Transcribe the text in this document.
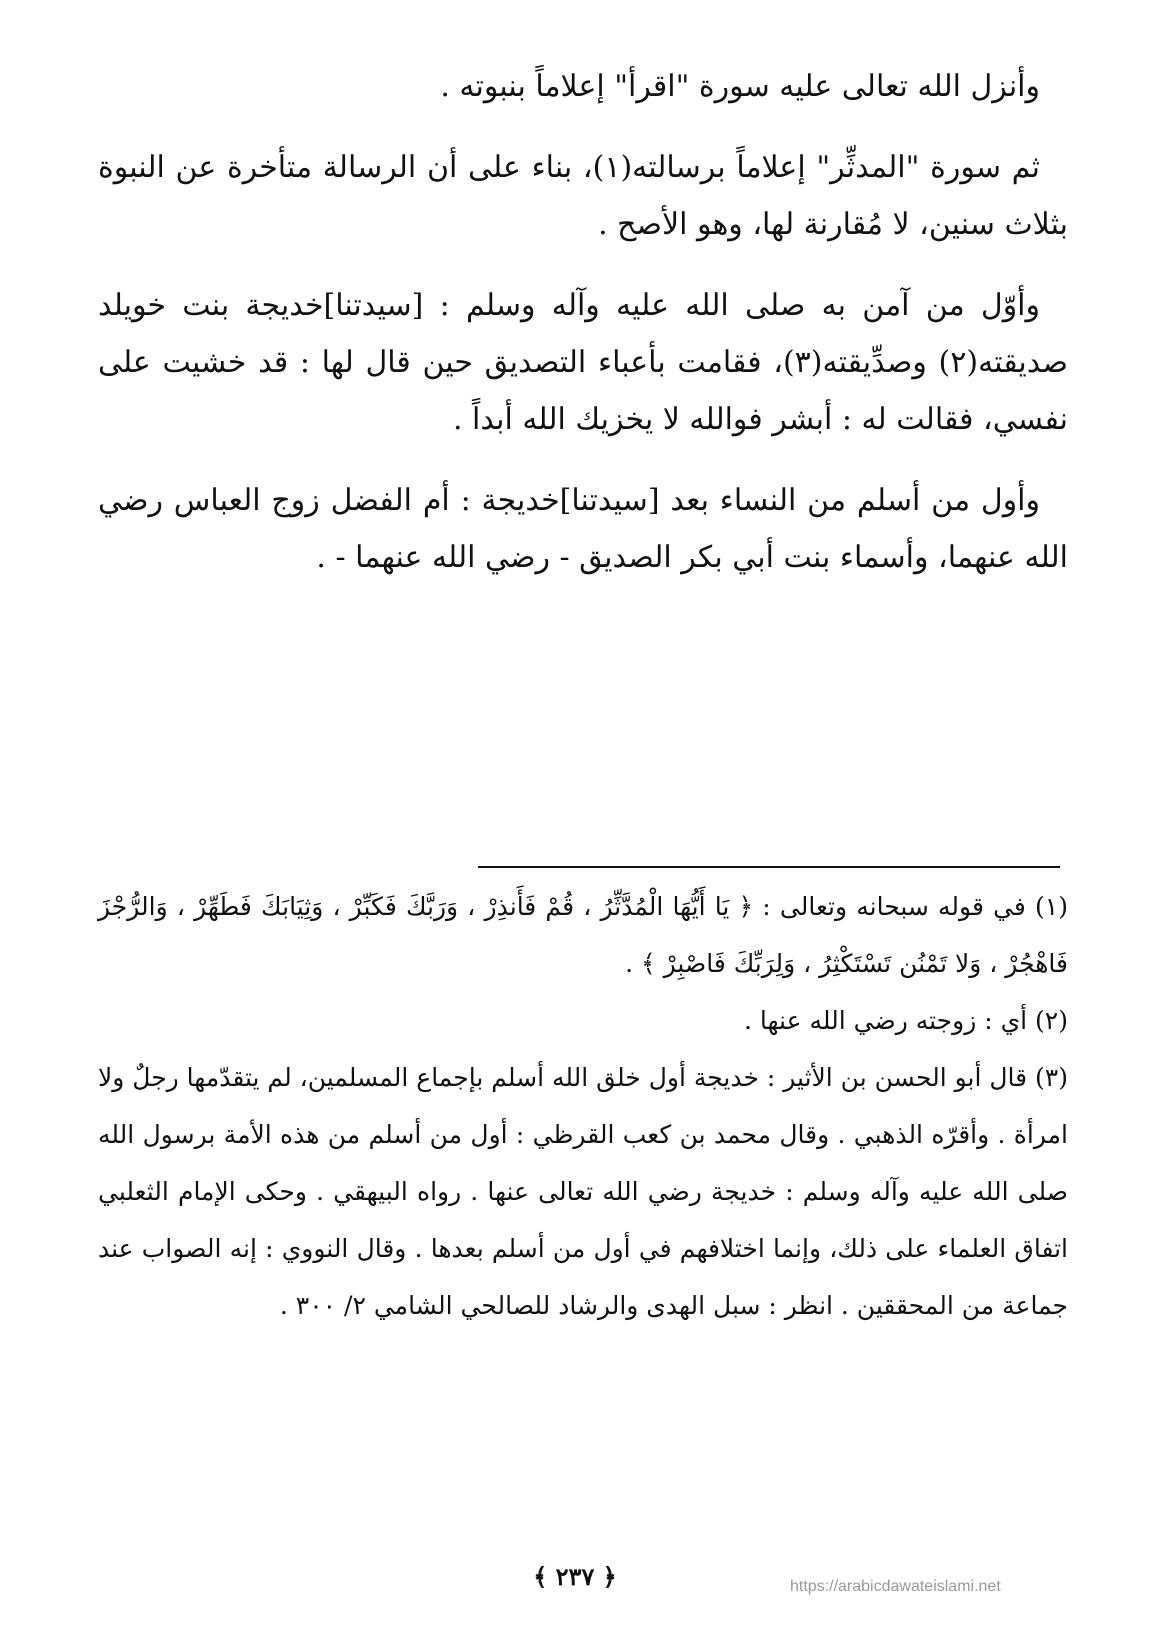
وأنزل الله تعالى عليه سورة "اقرأ" إعلاماً بنبوته .

ثم سورة "المدثِّر" إعلاماً برسالته(١)، بناء على أن الرسالة متأخرة عن النبوة بثلاث سنين، لا مُقارنة لها، وهو الأصح .

وأوّل من آمن به صلى الله عليه وآله وسلم : [سيدتنا]خديجة بنت خويلد صديقته(٢) وصدِّيقته(٣)، فقامت بأعباء التصديق حين قال لها : قد خشيت على نفسي، فقالت له : أبشر فوالله لا يخزيك الله أبداً .

وأول من أسلم من النساء بعد [سيدتنا]خديجة : أم الفضل زوج العباس رضي الله عنهما، وأسماء بنت أبي بكر الصديق - رضي الله عنهما - .

(١) في قوله سبحانه وتعالى : ﴿ يَا أَيُّهَا الْمُدَّثِّرُ ، قُمْ فَأَنذِرْ ، وَرَبَّكَ فَكَبِّرْ ، وَثِيَابَكَ فَطَهِّرْ ، وَالرُّجْزَ فَاهْجُرْ ، وَلا تَمْنُن تَسْتَكْثِرُ ، وَلِرَبِّكَ فَاصْبِرْ ﴾ .

(٢) أي : زوجته رضي الله عنها .

(٣) قال أبو الحسن بن الأثير : خديجة أول خلق الله أسلم بإجماع المسلمين، لم يتقدّمها رجلٌ ولا امرأة . وأقرّه الذهبي . وقال محمد بن كعب القرظي : أول من أسلم من هذه الأمة برسول الله صلى الله عليه وآله وسلم : خديجة رضي الله تعالى عنها . رواه البيهقي . وحكى الإمام الثعلبي اتفاق العلماء على ذلك، وإنما اختلافهم في أول من أسلم بعدها . وقال النووي : إنه الصواب عند جماعة من المحققين . انظر : سبل الهدى والرشاد للصالحي الشامي ٢/ ٣٠٠ .

﴿ ٢٣٧ ﴾	https://arabicdawateislami.net
